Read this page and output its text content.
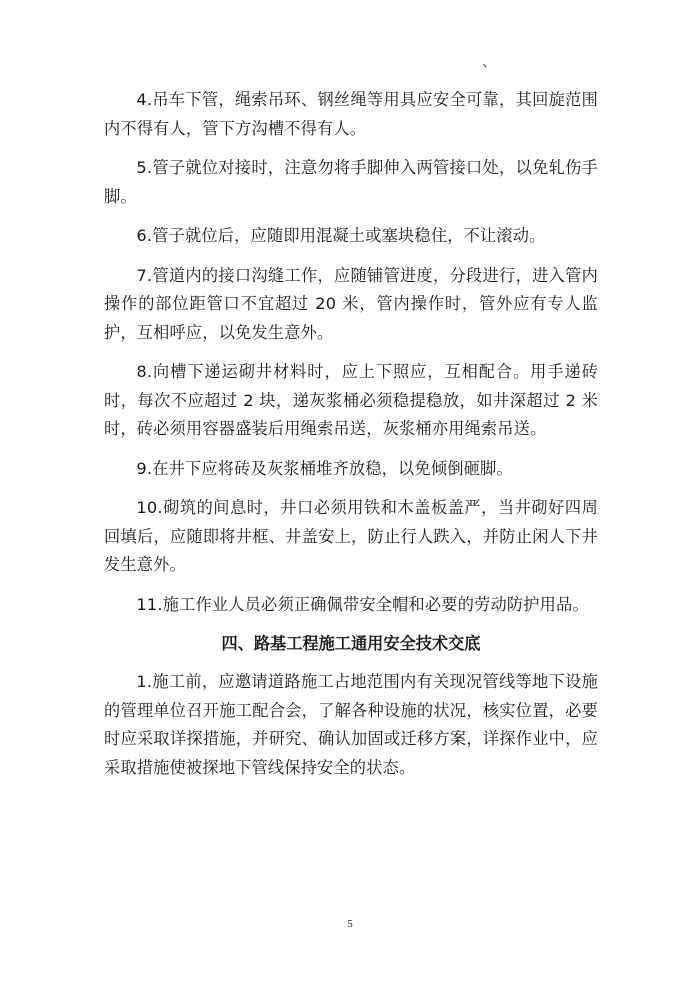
、

4.吊车下管，绳索吊环、钢丝绳等用具应安全可靠，其回旋范围内不得有人，管下方沟槽不得有人。

5.管子就位对接时，注意勿将手脚伸入两管接口处，以免轧伤手脚。

6.管子就位后，应随即用混凝土或塞块稳住，不让滚动。

7.管道内的接口沟缝工作，应随铺管进度，分段进行，进入管内操作的部位距管口不宜超过 20 米，管内操作时，管外应有专人监护，互相呼应，以免发生意外。

8.向槽下递运砌井材料时，应上下照应，互相配合。用手递砖时，每次不应超过 2 块，递灰浆桶必须稳提稳放，如井深超过 2 米时，砖必须用容器盛装后用绳索吊送，灰浆桶亦用绳索吊送。

9.在井下应将砖及灰浆桶堆齐放稳，以免倾倒砸脚。

10.砌筑的间息时，井口必须用铁和木盖板盖严，当井砌好四周回填后，应随即将井框、井盖安上，防止行人跌入，并防止闲人下井发生意外。

11.施工作业人员必须正确佩带安全帽和必要的劳动防护用品。

四、路基工程施工通用安全技术交底

1.施工前，应邀请道路施工占地范围内有关现况管线等地下设施的管理单位召开施工配合会，了解各种设施的状况，核实位置，必要时应采取详探措施，并研究、确认加固或迁移方案，详探作业中，应采取措施使被探地下管线保持安全的状态。

5
